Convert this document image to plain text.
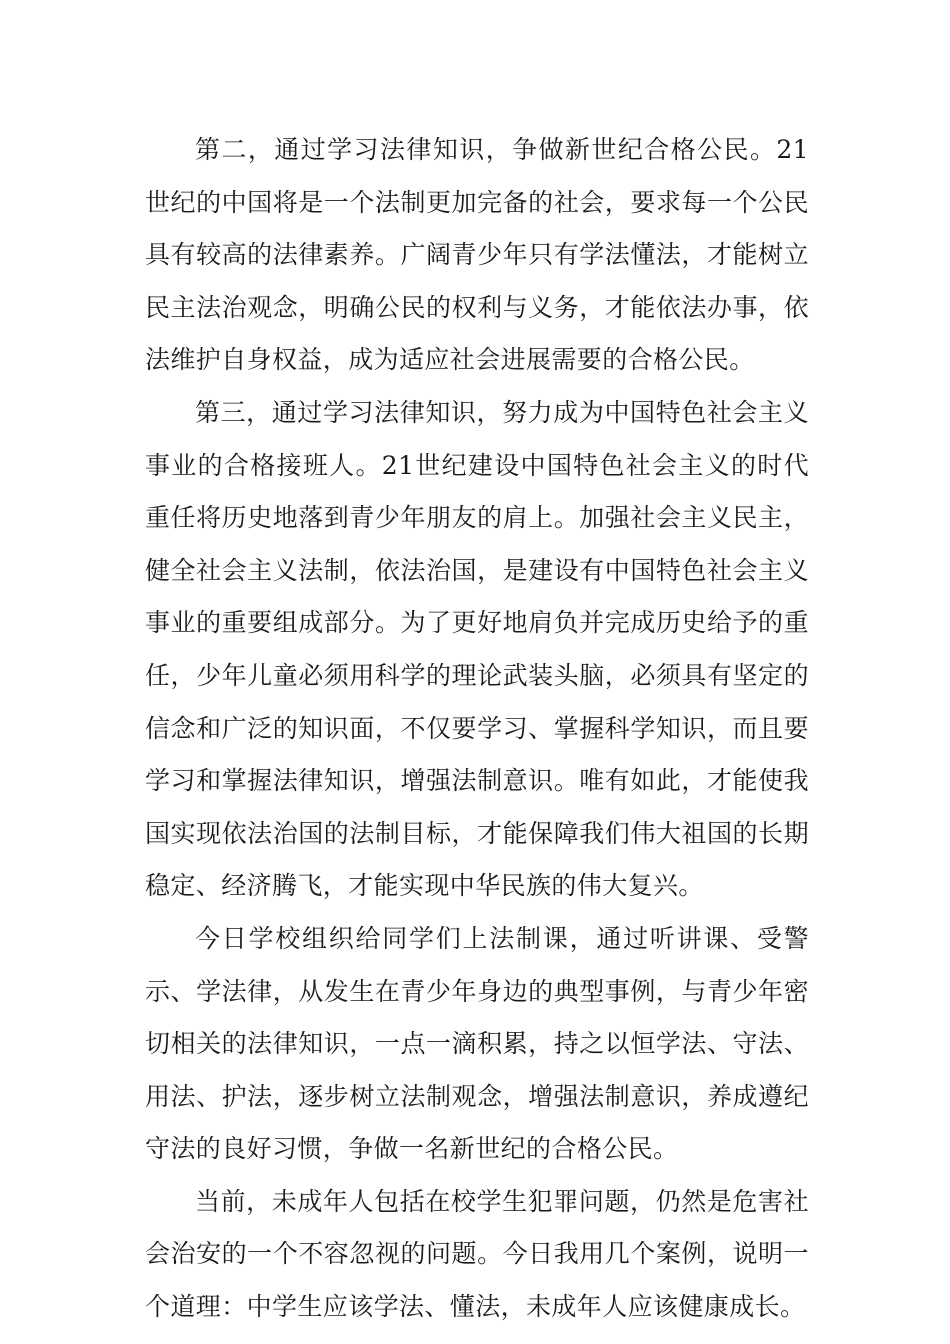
第二，通过学习法律知识，争做新世纪合格公民。21世纪的中国将是一个法制更加完备的社会，要求每一个公民具有较高的法律素养。广阔青少年只有学法懂法，才能树立民主法治观念，明确公民的权利与义务，才能依法办事，依法维护自身权益，成为适应社会进展需要的合格公民。

第三，通过学习法律知识，努力成为中国特色社会主义事业的合格接班人。21世纪建设中国特色社会主义的时代重任将历史地落到青少年朋友的肩上。加强社会主义民主，健全社会主义法制，依法治国，是建设有中国特色社会主义事业的重要组成部分。为了更好地肩负并完成历史给予的重任，少年儿童必须用科学的理论武装头脑，必须具有坚定的信念和广泛的知识面，不仅要学习、掌握科学知识，而且要学习和掌握法律知识，增强法制意识。唯有如此，才能使我国实现依法治国的法制目标，才能保障我们伟大祖国的长期稳定、经济腾飞，才能实现中华民族的伟大复兴。

今日学校组织给同学们上法制课，通过听讲课、受警示、学法律，从发生在青少年身边的典型事例，与青少年密切相关的法律知识，一点一滴积累，持之以恒学法、守法、用法、护法，逐步树立法制观念，增强法制意识，养成遵纪守法的良好习惯，争做一名新世纪的合格公民。

当前，未成年人包括在校学生犯罪问题，仍然是危害社会治安的一个不容忽视的问题。今日我用几个案例，说明一个道理：中学生应该学法、懂法，未成年人应该健康成长。
